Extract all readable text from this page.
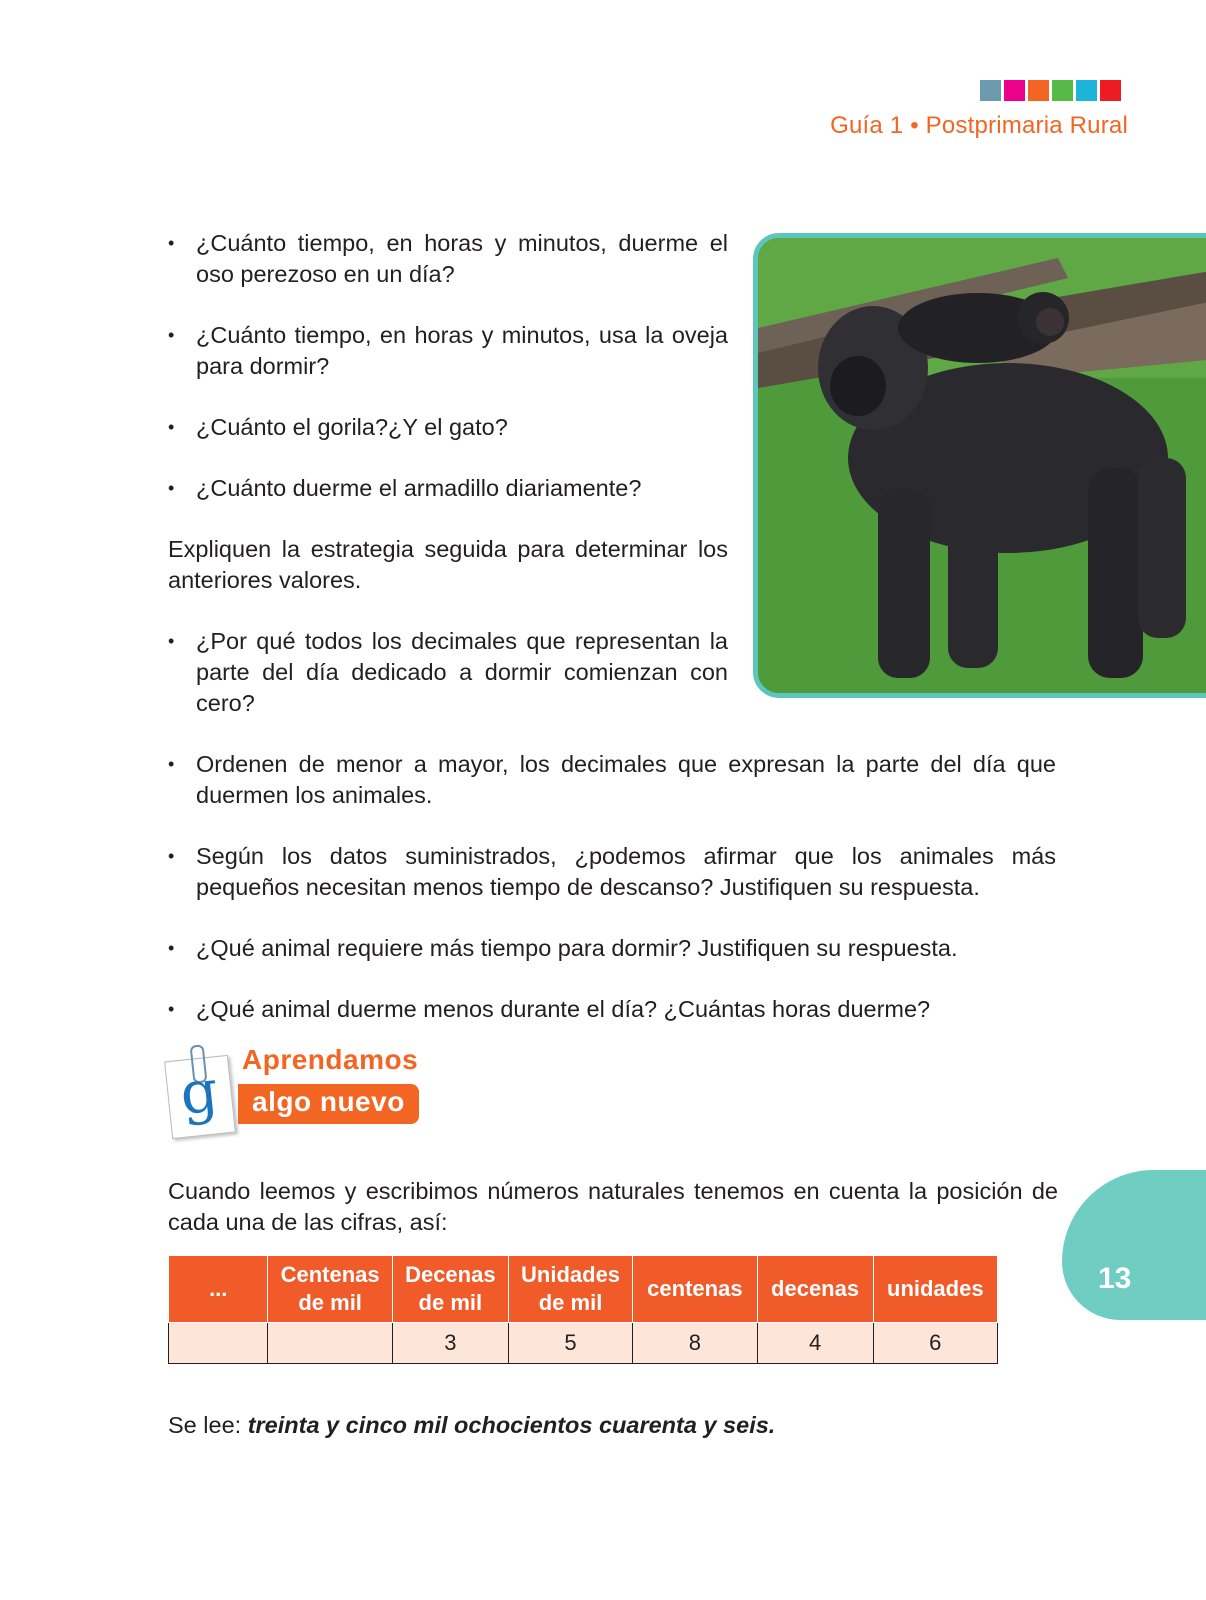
Guía 1 • Postprimaria Rural
• ¿Cuánto tiempo, en horas y minutos, duerme el oso perezoso en un día?
• ¿Cuánto tiempo, en horas y minutos, usa la oveja para dormir?
• ¿Cuánto el gorila?¿Y el gato?
• ¿Cuánto duerme el armadillo diariamente?
Expliquen la estrategia seguida para determinar los anteriores valores.
• ¿Por qué todos los decimales que representan la parte del día dedicado a dormir comienzan con cero?
• Ordenen de menor a mayor, los decimales que expresan la parte del día que duermen los animales.
• Según los datos suministrados, ¿podemos afirmar que los animales más pequeños necesitan menos tiempo de descanso? Justifiquen su respuesta.
• ¿Qué animal requiere más tiempo para dormir? Justifiquen su respuesta.
• ¿Qué animal duerme menos durante el día? ¿Cuántas horas duerme?
g Aprendamos
algo nuevo
Cuando leemos y escribimos números naturales tenemos en cuenta la posición de cada una de las cifras, así:
...	Centenas de mil	Decenas de mil	Unidades de mil	centenas	decenas	unidades
		3	5	8	4	6
Se lee: treinta y cinco mil ochocientos cuarenta y seis.
13
